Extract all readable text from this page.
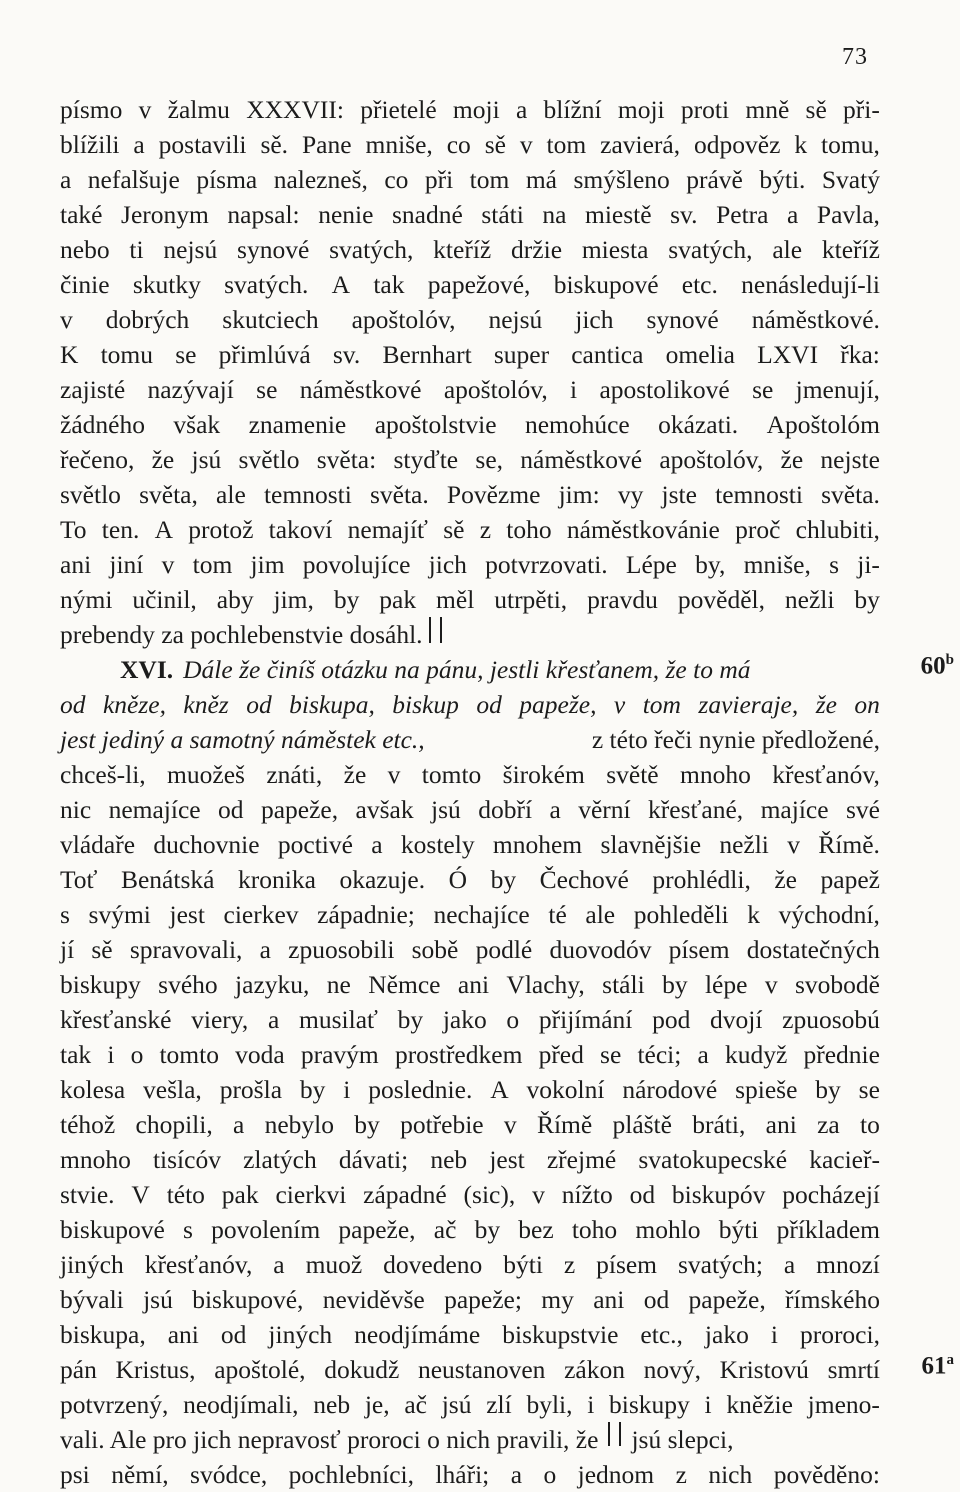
73
písmo v žalmu XXXVII: přietelé moji a blížní moji proti mně sě při-
blížili a postavili sě. Pane mniše, co sě v tom zavierá, odpověz k tomu,
a nefalšuje písma nalezneš, co při tom má smýšleno právě býti. Svatý
také Jeronym napsal: nenie snadné státi na miestě sv. Petra a Pavla,
nebo ti nejsú synové svatých, kteříž držie miesta svatých, ale kteříž
činie skutky svatých. A tak papežové, biskupové etc. nenásledují-li
v dobrých skutciech apoštolóv, nejsú jich synové náměstkové.
K tomu se přimlúvá sv. Bernhart super cantica omelia LXVI řka:
zajisté nazývají se náměstkové apoštolóv, i apostolikové se jmenují,
žádného však znamenie apoštolstvie nemohúce okázati. Apoštolóm
řečeno, že jsú světlo světa: styďte se, náměstkové apoštolóv, že nejste
světlo světa, ale temnosti světa. Povězme jim: vy jste temnosti světa.
To ten. A protož takoví nemajíť sě z toho náměstkovánie proč chlubiti,
ani jiní v tom jim povolujíce jich potvrzovati. Lépe by, mniše, s ji-
nými učinil, aby jim, by pak měl utrpěti, pravdu pověděl, nežli by
prebendy za pochlebenstvie dosáhl.
XVI. Dále že činíš otázku na pánu, jestli křesťanem, že to má
od kněze, kněz od biskupa, biskup od papeže, v tom zavieraje, že on
jest jediný a samotný náměstek etc.,	z této řeči nynie předložené,
chceš-li, muožeš znáti, že v tomto širokém světě mnoho křesťanóv,
nic nemajíce od papeže, avšak jsú dobří a věrní křesťané, majíce své
vládaře duchovnie poctivé a kostely mnohem slavnějšie nežli v Římě.
Toť Benátská kronika okazuje. Ó by Čechové prohlédli, že papež
s svými jest cierkev západnie; nechajíce té ale pohleděli k východní,
jí sě spravovali, a zpuosobili sobě podlé duovodóv písem dostatečných
biskupy svého jazyku, ne Němce ani Vlachy, stáli by lépe v svobodě
křesťanské viery, a musilať by jako o přijímání pod dvojí zpuosobú
tak i o tomto voda pravým prostředkem před se téci; a kudyž přednie
kolesa vešla, prošla by i poslednie. A vokolní národové spieše by se
téhož chopili, a nebylo by potřebie v Římě pláště bráti, ani za to
mnoho tisícóv zlatých dávati; neb jest zřejmé svatokupecské kacieř-
stvie. V této pak cierkvi západné (sic), v nížto od biskupóv pocházejí
biskupové s povolením papeže, ač by bez toho mohlo býti příkladem
jiných křesťanóv, a muož dovedeno býti z písem svatých; a mnozí
bývali jsú biskupové, neviděvše papeže; my ani od papeže, římského
biskupa, ani od jiných neodjímáme biskupstvie etc., jako i proroci,
pán Kristus, apoštolé, dokudž neustanoven zákon nový, Kristovú smrtí
potvrzený, neodjímali, neb je, ač jsú zlí byli, i biskupy i kněžie jmeno-
vali. Ale pro jich nepravosť proroci o nich pravili, že jsú slepci,
psi němí, svódce, pochlebníci, lháři; a o jednom z nich pověděno:
60$^b$
61$^a$
